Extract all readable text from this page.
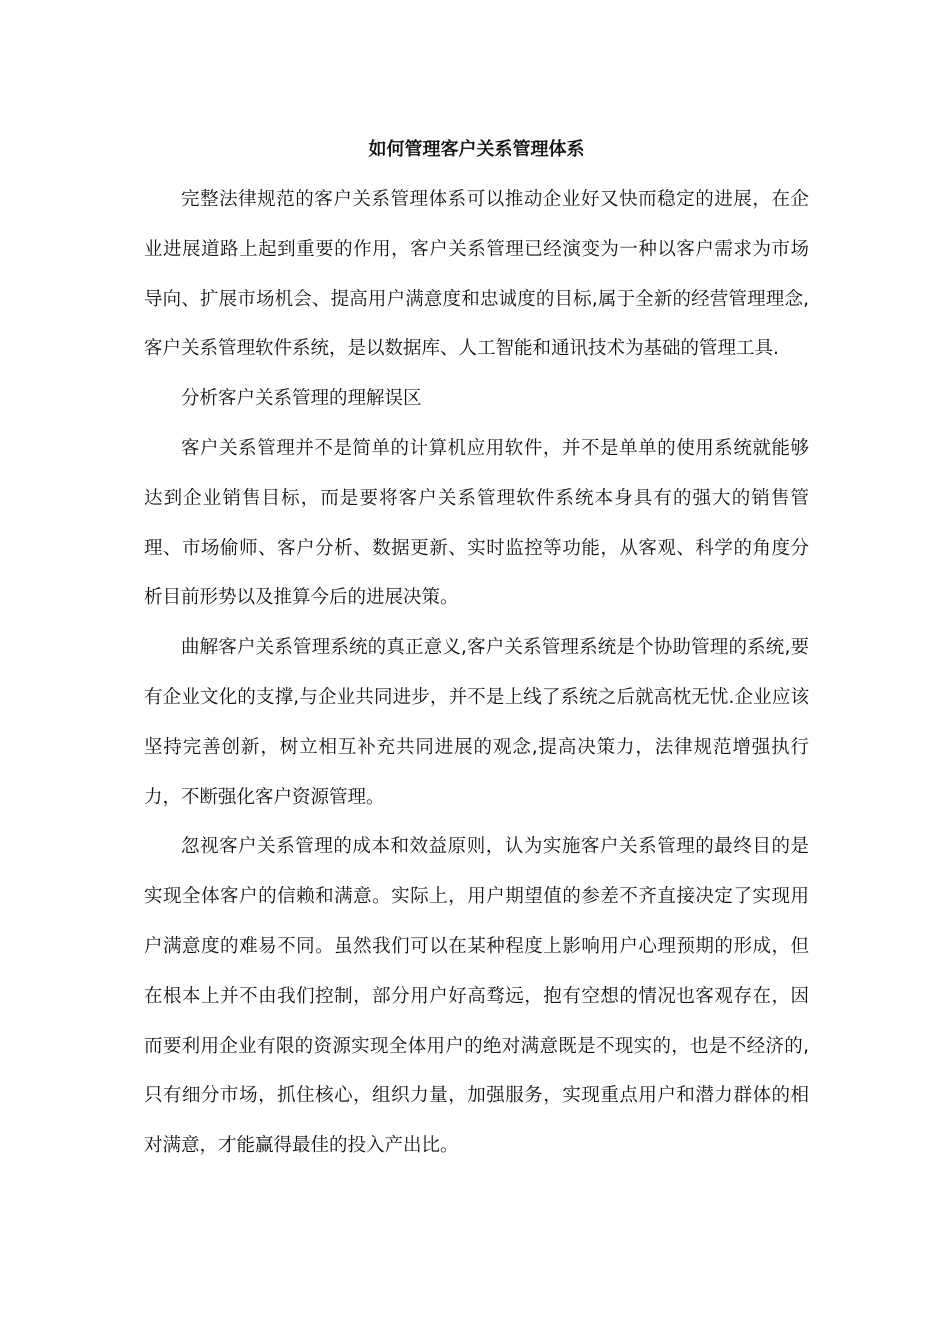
如何管理客户关系管理体系

完整法律规范的客户关系管理体系可以推动企业好又快而稳定的进展，在企业进展道路上起到重要的作用，客户关系管理已经演变为一种以客户需求为市场导向、扩展市场机会、提高用户满意度和忠诚度的目标,属于全新的经营管理理念,客户关系管理软件系统，是以数据库、人工智能和通讯技术为基础的管理工具.

分析客户关系管理的理解误区

客户关系管理并不是简单的计算机应用软件，并不是单单的使用系统就能够达到企业销售目标，而是要将客户关系管理软件系统本身具有的强大的销售管理、市场偷师、客户分析、数据更新、实时监控等功能，从客观、科学的角度分析目前形势以及推算今后的进展决策。

曲解客户关系管理系统的真正意义,客户关系管理系统是个协助管理的系统,要有企业文化的支撑,与企业共同进步，并不是上线了系统之后就高枕无忧.企业应该坚持完善创新，树立相互补充共同进展的观念,提高决策力，法律规范增强执行力，不断强化客户资源管理。

忽视客户关系管理的成本和效益原则，认为实施客户关系管理的最终目的是实现全体客户的信赖和满意。实际上，用户期望值的参差不齐直接决定了实现用户满意度的难易不同。虽然我们可以在某种程度上影响用户心理预期的形成，但在根本上并不由我们控制，部分用户好高骛远，抱有空想的情况也客观存在，因而要利用企业有限的资源实现全体用户的绝对满意既是不现实的，也是不经济的,只有细分市场，抓住核心，组织力量，加强服务，实现重点用户和潜力群体的相对满意，才能赢得最佳的投入产出比。
